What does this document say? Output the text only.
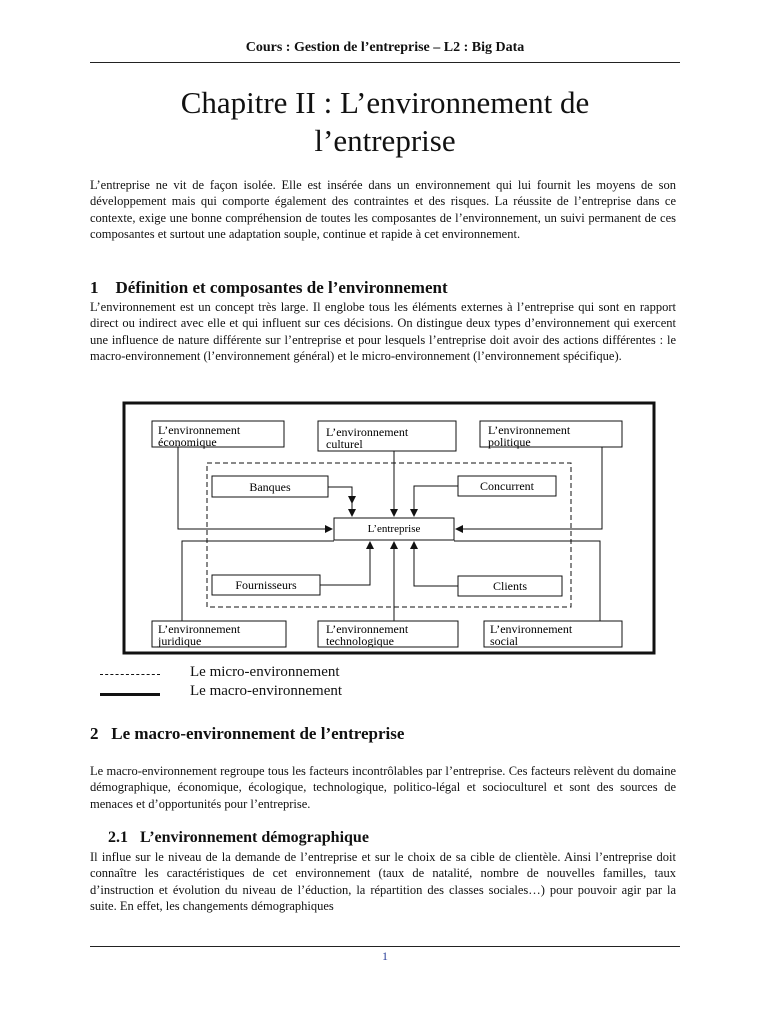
Cours : Gestion de l’entreprise – L2 : Big Data
Chapitre II : L’environnement de
l’entreprise

L’entreprise ne vit de façon isolée. Elle est insérée dans un environnement qui lui fournit les moyens de son développement mais qui comporte également des contraintes et des risques. La réussite de l’entreprise dans ce contexte, exige une bonne compréhension de toutes les composantes de l’environnement, un suivi permanent de ces composantes et surtout une adaptation souple, continue et rapide à cet environnement.

1 Définition et composantes de l’environnement

L’environnement est un concept très large. Il englobe tous les éléments externes à l’entreprise qui sont en rapport direct ou indirect avec elle et qui influent sur ces décisions. On distingue deux types d’environnement qui exercent une influence de nature différente sur l’entreprise et pour lesquels l’entreprise doit avoir des actions différentes : le macro-environnement (l’environnement général) et le micro-environnement (l’environnement spécifique).

L’environnement
économique
L’environnement
culturel
L’environnement
politique
L’environnement
juridique
L’environnement
technologique
L’environnement
social
Banques	Concurrent
Fournisseurs	Clients
L’entreprise
Le micro-environnement
Le macro-environnement
2 Le macro-environnement de l’entreprise

Le macro-environnement regroupe tous les facteurs incontrôlables par l’entreprise. Ces facteurs relèvent du domaine démographique, économique, écologique, technologique, politico-légal et socioculturel et sont des sources de menaces et d’opportunités pour l’entreprise.

2.1 L’environnement démographique

Il influe sur le niveau de la demande de l’entreprise et sur le choix de sa cible de clientèle. Ainsi l’entreprise doit connaître les caractéristiques de cet environnement (taux de natalité, nombre de nouvelles familles, taux d’instruction et évolution du niveau de l’éduction, la répartition des classes sociales…) pour pouvoir agir par la suite. En effet, les changements démographiques

1
